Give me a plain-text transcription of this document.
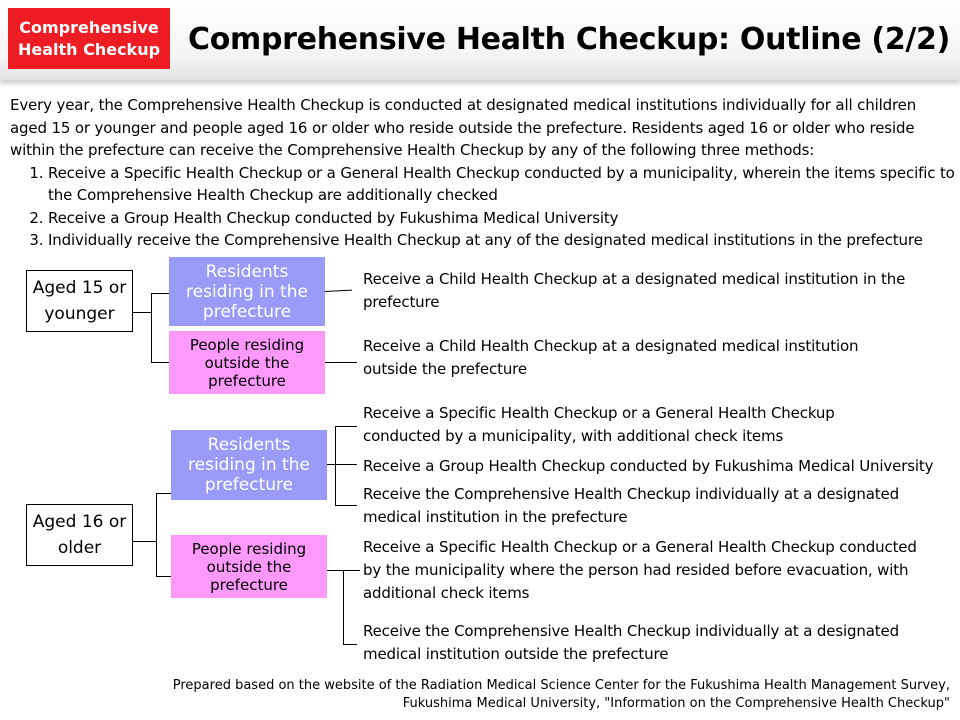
Comprehensive
Health Checkup Comprehensive Health Checkup: Outline (2/2)

Every year, the Comprehensive Health Checkup is conducted at designated medical institutions individually for all children aged 15 or younger and people aged 16 or older who reside outside the prefecture. Residents aged 16 or older who reside within the prefecture can receive the Comprehensive Health Checkup by any of the following three methods:

1. Receive a Specific Health Checkup or a General Health Checkup conducted by a municipality, wherein the items specific to the Comprehensive Health Checkup are additionally checked
2. Receive a Group Health Checkup conducted by Fukushima Medical University
3. Individually receive the Comprehensive Health Checkup at any of the designated medical institutions in the prefecture
Aged 15 or
younger
Aged 16 or
older
Residents
residing in the
prefecture
People residing
outside the
prefecture
Residents
residing in the
prefecture
People residing
outside the
prefecture
Receive a Child Health Checkup at a designated medical institution in the
prefecture
Receive a Child Health Checkup at a designated medical institution
outside the prefecture
Receive a Specific Health Checkup or a General Health Checkup
conducted by a municipality, with additional check items
Receive a Group Health Checkup conducted by Fukushima Medical University
Receive the Comprehensive Health Checkup individually at a designated
medical institution in the prefecture
Receive a Specific Health Checkup or a General Health Checkup conducted
by the municipality where the person had resided before evacuation, with
additional check items
Receive the Comprehensive Health Checkup individually at a designated
medical institution outside the prefecture
Prepared based on the website of the Radiation Medical Science Center for the Fukushima Health Management Survey,
Fukushima Medical University, "Information on the Comprehensive Health Checkup"
